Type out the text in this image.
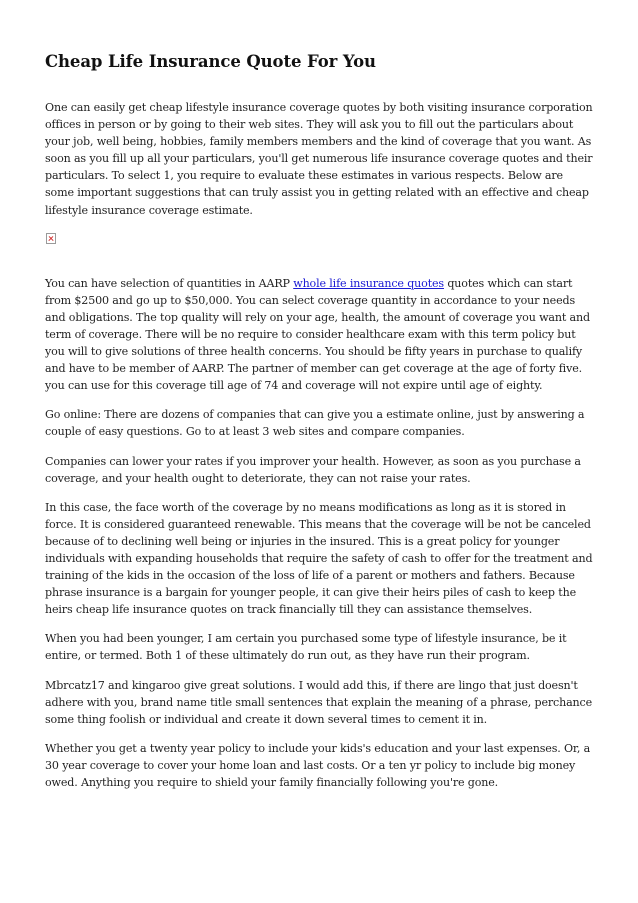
Cheap Life Insurance Quote For You

One can easily get cheap lifestyle insurance coverage quotes by both visiting insurance corporation offices in person or by going to their web sites. They will ask you to fill out the particulars about your job, well being, hobbies, family members members and the kind of coverage that you want. As soon as you fill up all your particulars, you'll get numerous life insurance coverage quotes and their particulars. To select 1, you require to evaluate these estimates in various respects. Below are some important suggestions that can truly assist you in getting related with an effective and cheap lifestyle insurance coverage estimate.

You can have selection of quantities in AARP whole life insurance quotes quotes which can start from $2500 and go up to $50,000. You can select coverage quantity in accordance to your needs and obligations. The top quality will rely on your age, health, the amount of coverage you want and term of coverage. There will be no require to consider healthcare exam with this term policy but you will to give solutions of three health concerns. You should be fifty years in purchase to qualify and have to be member of AARP. The partner of member can get coverage at the age of forty five. you can use for this coverage till age of 74 and coverage will not expire until age of eighty.

Go online: There are dozens of companies that can give you a estimate online, just by answering a couple of easy questions. Go to at least 3 web sites and compare companies.

Companies can lower your rates if you improver your health. However, as soon as you purchase a coverage, and your health ought to deteriorate, they can not raise your rates.

In this case, the face worth of the coverage by no means modifications as long as it is stored in force. It is considered guaranteed renewable. This means that the coverage will be not be canceled because of to declining well being or injuries in the insured. This is a great policy for younger individuals with expanding households that require the safety of cash to offer for the treatment and training of the kids in the occasion of the loss of life of a parent or mothers and fathers. Because phrase insurance is a bargain for younger people, it can give their heirs piles of cash to keep the heirs cheap life insurance quotes on track financially till they can assistance themselves.

When you had been younger, I am certain you purchased some type of lifestyle insurance, be it entire, or termed. Both 1 of these ultimately do run out, as they have run their program.

Mbrcatz17 and kingaroo give great solutions. I would add this, if there are lingo that just doesn't adhere with you, brand name title small sentences that explain the meaning of a phrase, perchance some thing foolish or individual and create it down several times to cement it in.

Whether you get a twenty year policy to include your kids's education and your last expenses. Or, a 30 year coverage to cover your home loan and last costs. Or a ten yr policy to include big money owed. Anything you require to shield your family financially following you're gone.
